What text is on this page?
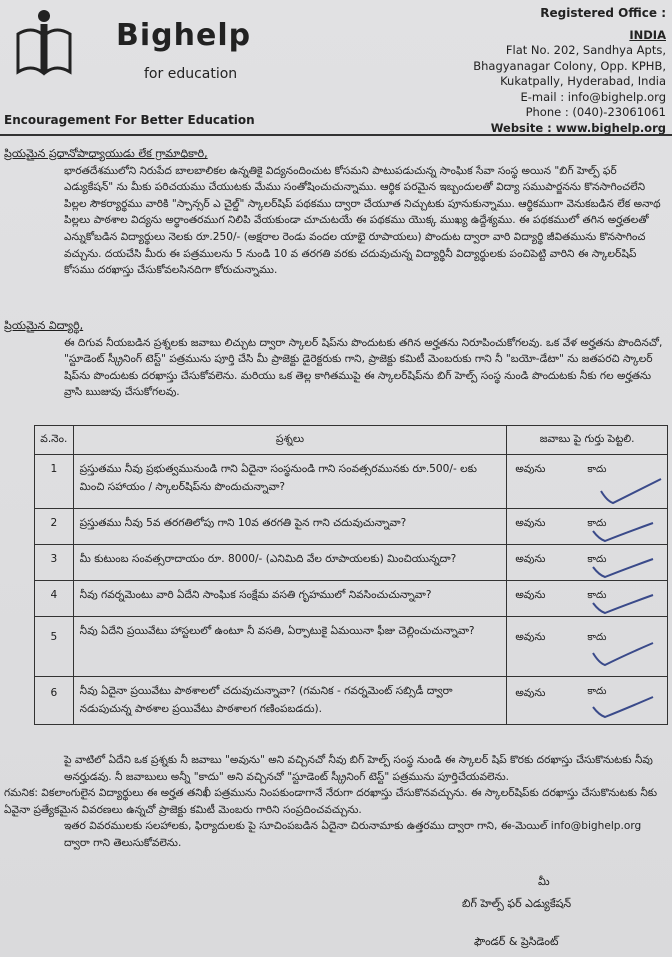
Bighelp
for education
Encouragement For Better Education
Registered Office :
INDIA
Flat No. 202, Sandhya Apts,
Bhagyanagar Colony, Opp. KPHB,
Kukatpally, Hyderabad, India
E-mail : info@bighelp.org
Phone : (040)-23061061
Website : www.bighelp.org

ప్రియమైన ప్రధానోపాధ్యాయుడు లేక గ్రామాధికారి,

భారతదేశములోని నిరుపేద బాలబాలికల ఉన్నతికై విద్యనందించుట కోసమని పాటుపడుచున్న సాంఘిక సేవా సంస్థ అయిన "బిగ్ హెల్ప్ ఫర్ ఎడ్యుకేషన్" ను మీకు పరిచయము చేయుటకు మేము సంతోషించుచున్నాము. ఆర్థిక పరమైన ఇబ్బందులతో విద్యా సముపార్జనను కొనసాగించలేని పిల్లల సౌకర్యార్థము వారికి "స్పాన్సర్ ఎ చైల్డ్" స్కాలర్‌షిప్ పథకము ద్వారా చేయూత నిచ్చుటకు పూనుకున్నాము. ఆర్థికముగా వెనుకబడిన లేక అనాథ పిల్లలు పాఠశాల విద్యను అర్థాంతరముగ నిలిపి వేయకుండా చూచుటయే ఈ పథకము యొక్క ముఖ్య ఉద్దేశ్యము. ఈ పథకములో తగిన అర్హతలతో ఎన్నుకోబడిన విద్యార్థులు నెలకు రూ.250/- (అక్షరాల రెండు వందల యాభై రూపాయలు) పొందుట ద్వారా వారి విద్యార్థి జీవితమును కొనసాగించ వచ్చును. దయచేసి మీరు ఈ పత్రములను 5 నుండి 10 వ తరగతి వరకు చదువుచున్న విద్యార్థినీ విద్యార్థులకు పంచిపెట్టి వారిని ఈ స్కాలర్‌షిప్ కోసము దరఖాస్తు చేసుకోవలసినదిగా కోరుచున్నాము.

ప్రియమైన విద్యార్థి,

ఈ దిగువ నీయబడిన ప్రశ్నలకు జవాబు లిచ్చుట ద్వారా స్కాలర్ షిప్‌ను పొందుటకు తగిన అర్హతను నిరూపించుకోగలవు. ఒక వేళ అర్హతను పొందినచో, "స్టూడెంట్ స్క్రీనింగ్ టెస్ట్" పత్రమును పూర్తి చేసి మీ ప్రాజెక్టు డైరెక్టరుకు గాని, ప్రాజెక్టు కమిటీ మెంబరుకు గాని నీ "బయో-డేటా" ను జతపరచి స్కాలర్ షిప్‌ను పొందుటకు దరఖాస్తు చేసుకోవలెను. మరియు ఒక తెల్ల కాగితముపై ఈ స్కాలర్‌షిప్‌ను బిగ్ హెల్ప్ సంస్థ నుండి పొందుటకు నీకు గల అర్హతను వ్రాసి ఋజువు చేసుకోగలవు.

వ.నెం.	ప్రశ్నలు	జవాబు పై గుర్తు పెట్టలి.
1	ప్రస్తుతము నీవు ప్రభుత్వమునుండి గాని ఏదైనా సంస్థనుండి గాని సంవత్సరమునకు రూ.500/- లకు మించి సహాయం / స్కాలర్‌షిప్‌ను పొందుచున్నావా?	అవును కాదు

2	ప్రస్తుతము నీవు 5వ తరగతిలోపు గాని 10వ తరగతి పైన గాని చదువుచున్నావా?	అవును కాదు

3	మీ కుటుంబ సంవత్సరాదాయం రూ. 8000/- (ఎనిమిది వేల రూపాయలకు) మించియున్నదా?	అవును కాదు

4	నీవు గవర్నమెంటు వారి ఏదేని సాంఘిక సంక్షేమ వసతి గృహములో నివసించుచున్నావా?	అవును కాదు

5	నీవు ఏదేని ప్రయివేటు హాస్టలులో ఉంటూ నీ వసతి, ఏర్పాటుకై ఏమయినా ఫీజు చెల్లించుచున్నావా?	అవును కాదు

6	నీవు ఏదైనా ప్రయివేటు పాఠశాలలో చదువుచున్నావా? (గమనిక - గవర్నమెంట్ సబ్సిడీ ద్వారా నడుపుచున్న పాఠశాల ప్రయివేటు పాఠశాలగ గణింపబడదు).	అవును కాదు

పై వాటిలో ఏదేని ఒక ప్రశ్నకు నీ జవాబు "అవును" అని వచ్చినచో నీవు బిగ్ హెల్ప్ సంస్థ నుండి ఈ స్కాలర్ షిప్ కొరకు దరఖాస్తు చేసుకొనుటకు నీవు అనర్హుడవు. నీ జవాబులు అన్నీ "కాదు" అని వచ్చినచో "స్టూడెంట్ స్క్రీనింగ్ టెస్ట్" పత్రమును పూర్తిచేయవలెను.

గమనిక: వికలాంగులైన విద్యార్థులు ఈ అర్హత తనిఖీ పత్రమును నింపకుండాగానే నేరుగా దరఖాస్తు చేసుకొనవచ్చును. ఈ స్కాలర్‌షిప్‌కు దరఖాస్తు చేసుకొనుటకు నీకు ఏవైనా ప్రత్యేకమైన వివరణలు ఉన్నచో ప్రాజెక్టు కమిటీ మెంబరు గారిని సంప్రదించవచ్చును.

ఇతర వివరములకు సలహాలకు, ఫిర్యాదులకు పై సూచింపబడిన ఏదైనా చిరునామాకు ఉత్తరము ద్వారా గాని, ఈ-మెయిల్ info@bighelp.org ద్వారా గాని తెలుసుకోవలెను.

మీ
బిగ్ హెల్ప్ ఫర్ ఎడ్యుకేషన్
ఫౌండర్ & ప్రెసిడెంట్
